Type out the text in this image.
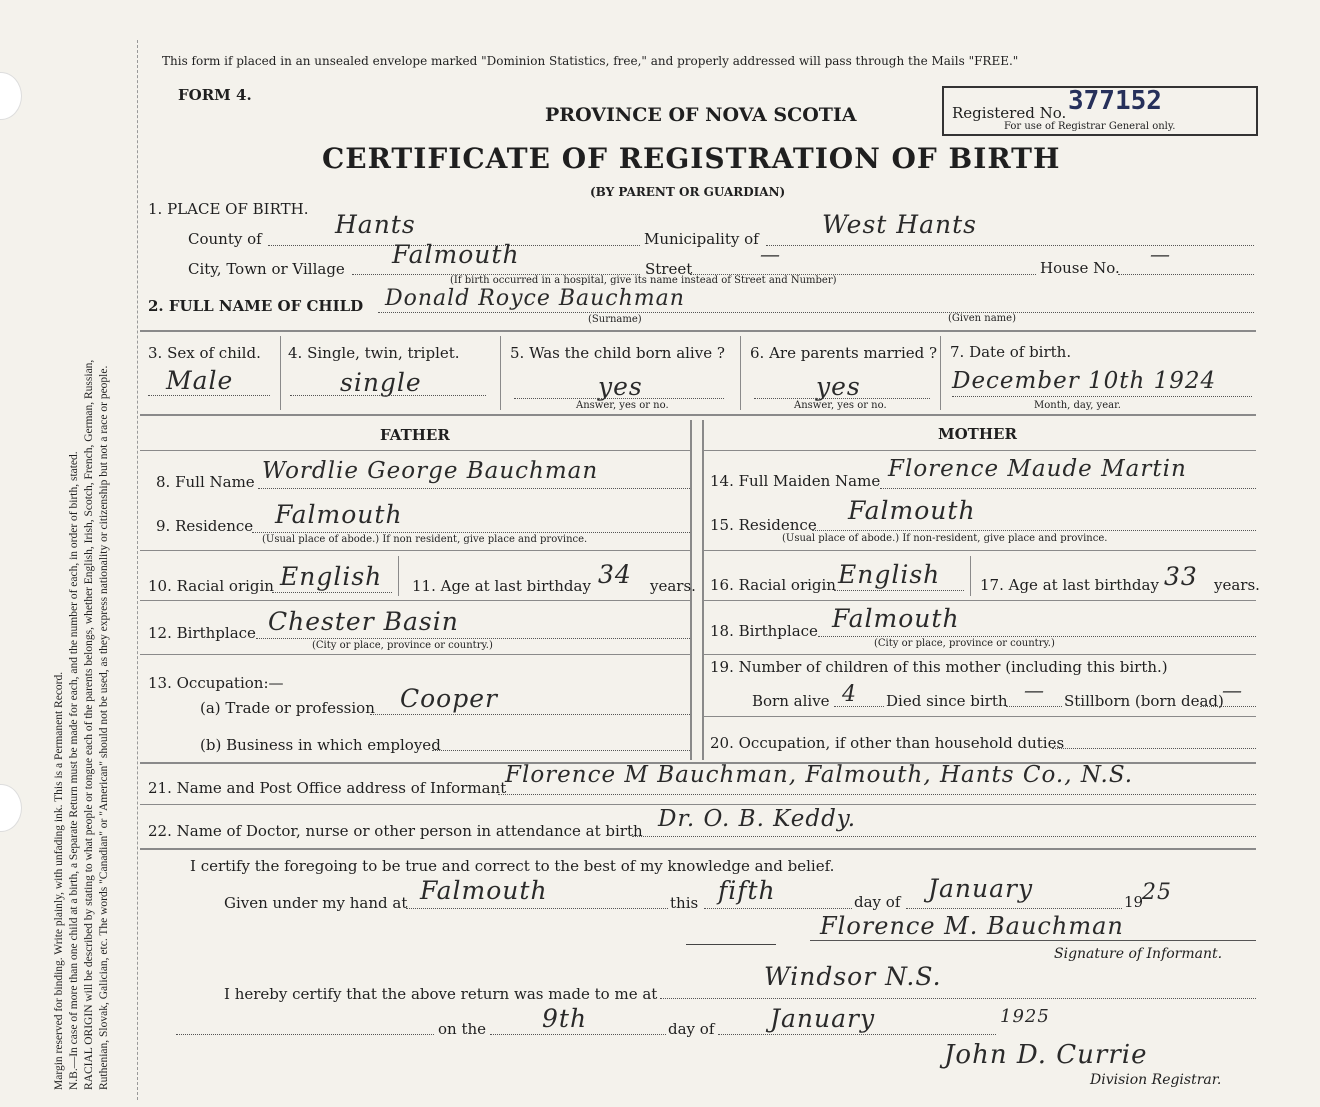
Margin reserved for binding. Write plainly, with unfading ink. This is a Permanent Record. N.B.—In case of more than one child at a birth, a Separate Return must be made for each, and the number of each, in order of birth, stated. RACIAL ORIGIN will be described by stating to what people or tongue each of the parents belongs, whether English, Irish, Scotch, French, German, Russian, Ruthenian, Slovak, Galician, etc. The words "Canadian" or "American" should not be used, as they express nationality or citizenship but not a race or people.
This form if placed in an unsealed envelope marked "Dominion Statistics, free," and properly addressed will pass through the Mails "FREE."
FORM 4.
PROVINCE OF NOVA SCOTIA
CERTIFICATE OF REGISTRATION OF BIRTH
(BY PARENT OR GUARDIAN)
Registered No. 377152
For use of Registrar General only.
1. PLACE OF BIRTH.
County of	Hants	Municipality of	West Hants
City, Town or Village Falmouth	Street
—
House No.
—
(If birth occurred in a hospital, give its name instead of Street and Number)
2. FULL NAME OF CHILD Donald Royce Bauchman
(Surname)	(Given name)
3. Sex of child.
Male
4. Single, twin, triplet.
single
5. Was the child born alive ?
yes
Answer, yes or no.
6. Are parents married ?
yes
Answer, yes or no.
7. Date of birth.
December 10th 1924
Month, day, year.
FATHER	MOTHER
8. Full Name Wordlie George Bauchman
9. Residence Falmouth
(Usual place of abode.) If non resident, give place and province.
10. Racial origin English 11. Age at last birthday 34 years.
12. Birthplace Chester Basin
(City or place, province or country.)
13. Occupation:—
(a) Trade or profession Cooper
(b) Business in which employed
14. Full Maiden Name Florence Maude Martin
15. Residence Falmouth
(Usual place of abode.) If non-resident, give place and province.
16. Racial origin English	17. Age at last birthday 33 years.
18. Birthplace Falmouth
(City or place, province or country.)
19. Number of children of this mother (including this birth.)
Born alive 4 Died since birth — Stillborn (born dead)
—
20. Occupation, if other than household duties
21. Name and Post Office address of Informant
Florence M Bauchman, Falmouth, Hants Co., N.S.
22. Name of Doctor, nurse or other person in attendance at birth Dr. O. B. Keddy.
I certify the foregoing to be true and correct to the best of my knowledge and belief.
Given under my hand at Falmouth	this fifth	day of January	19
25
Florence M. Bauchman
Signature of Informant.
I hereby certify that the above return was made to me at
Windsor N.S.
on the 9th	day of January	1925
John D. Currie
Division Registrar.
